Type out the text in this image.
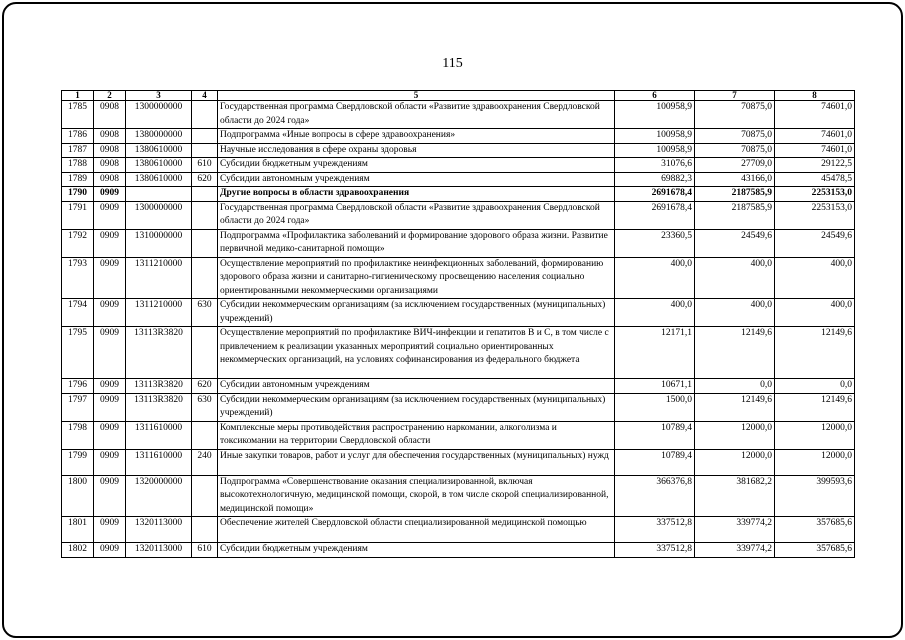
115
1	2	3	4	5	6	7	8
1785	0908	1300000000		Государственная программа Свердловской области «Развитие здравоохранения Свердловской области до 2024 года»	100958,9	70875,0	74601,0
1786	0908	1380000000		Подпрограмма «Иные вопросы в сфере здравоохранения»	100958,9	70875,0	74601,0
1787	0908	1380610000		Научные исследования в сфере охраны здоровья	100958,9	70875,0	74601,0
1788	0908	1380610000	610	Субсидии бюджетным учреждениям	31076,6	27709,0	29122,5
1789	0908	1380610000	620	Субсидии автономным учреждениям	69882,3	43166,0	45478,5
1790	0909			Другие вопросы в области здравоохранения	2691678,4	2187585,9	2253153,0
1791	0909	1300000000		Государственная программа Свердловской области «Развитие здравоохранения Свердловской области до 2024 года»	2691678,4	2187585,9	2253153,0
1792	0909	1310000000		Подпрограмма «Профилактика заболеваний и формирование здорового образа жизни. Развитие первичной медико-санитарной помощи»	23360,5	24549,6	24549,6
1793	0909	1311210000		Осуществление мероприятий по профилактике неинфекционных заболеваний, формированию здорового образа жизни и санитарно-гигиеническому просвещению населения социально ориентированными некоммерческими организациями	400,0	400,0	400,0
1794	0909	1311210000	630	Субсидии некоммерческим организациям (за исключением государственных (муниципальных) учреждений)	400,0	400,0	400,0
1795	0909	13113R3820		Осуществление мероприятий по профилактике ВИЧ-инфекции и гепатитов B и C, в том числе с привлечением к реализации указанных мероприятий социально ориентированных некоммерческих организаций, на условиях софинансирования из федерального бюджета	12171,1	12149,6	12149,6
1796	0909	13113R3820	620	Субсидии автономным учреждениям	10671,1	0,0	0,0
1797	0909	13113R3820	630	Субсидии некоммерческим организациям (за исключением государственных (муниципальных) учреждений)	1500,0	12149,6	12149,6
1798	0909	1311610000		Комплексные меры противодействия распространению наркомании, алкоголизма и токсикомании на территории Свердловской области	10789,4	12000,0	12000,0
1799	0909	1311610000	240	Иные закупки товаров, работ и услуг для обеспечения государственных (муниципальных) нужд	10789,4	12000,0	12000,0
1800	0909	1320000000		Подпрограмма «Совершенствование оказания специализированной, включая высокотехнологичную, медицинской помощи, скорой, в том числе скорой специализированной, медицинской помощи»	366376,8	381682,2	399593,6
1801	0909	1320113000		Обеспечение жителей Свердловской области специализированной медицинской помощью	337512,8	339774,2	357685,6
1802	0909	1320113000	610	Субсидии бюджетным учреждениям	337512,8	339774,2	357685,6
